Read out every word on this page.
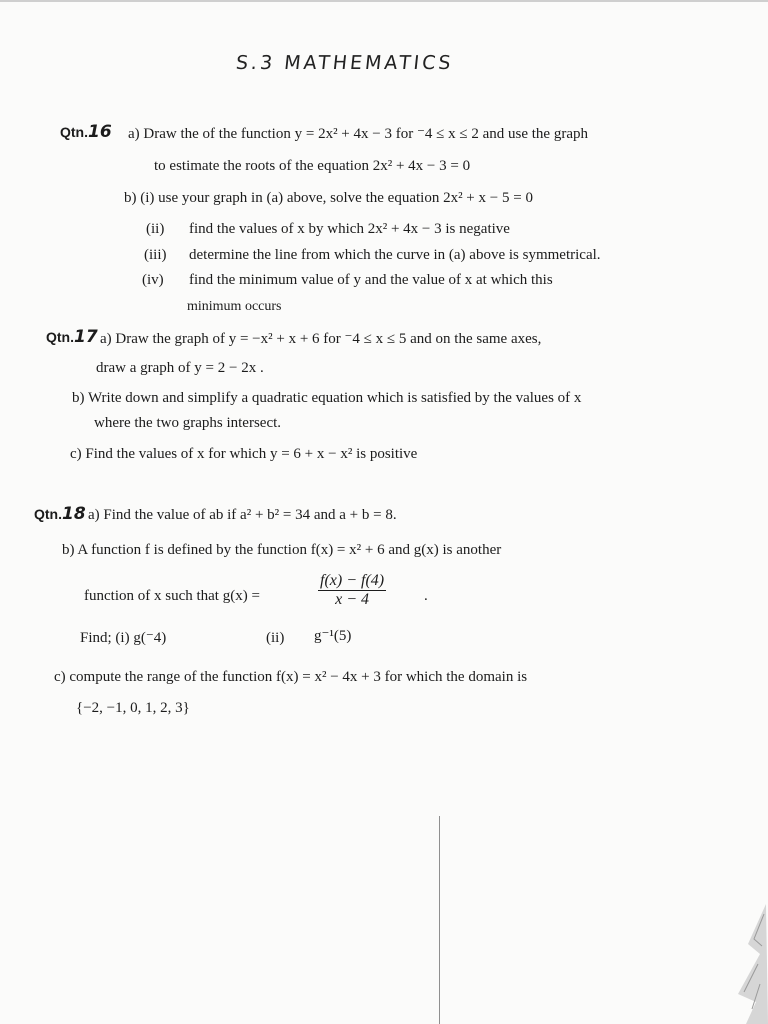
S.3 MATHEMATICS
Qtn.16 a) Draw the of the function y = 2x² + 4x − 3 for ⁻4 ≤ x ≤ 2 and use the graph
to estimate the roots of the equation 2x² + 4x − 3 = 0
b) (i) use your graph in (a) above, solve the equation 2x² + x − 5 = 0
(ii) find the values of x by which 2x² + 4x − 3 is negative
(iii) determine the line from which the curve in (a) above is symmetrical.
(iv) find the minimum value of y and the value of x at which this
minimum occurs
Qtn.17 a) Draw the graph of y = −x² + x + 6 for ⁻4 ≤ x ≤ 5 and on the same axes,
draw a graph of y = 2 − 2x .
b) Write down and simplify a quadratic equation which is satisfied by the values of x
where the two graphs intersect.
c) Find the values of x for which y = 6 + x − x² is positive
Qtn.18 a) Find the value of ab if a² + b² = 34 and a + b = 8.
b) A function f is defined by the function f(x) = x² + 6 and g(x) is another
function of x such that g(x) =	$\frac{f(x) - f(4)}{x - 4}$	.
Find; (i) g(⁻4)	(ii) g⁻¹(5)
c) compute the range of the function f(x) = x² − 4x + 3 for which the domain is
{−2, −1, 0, 1, 2, 3}
